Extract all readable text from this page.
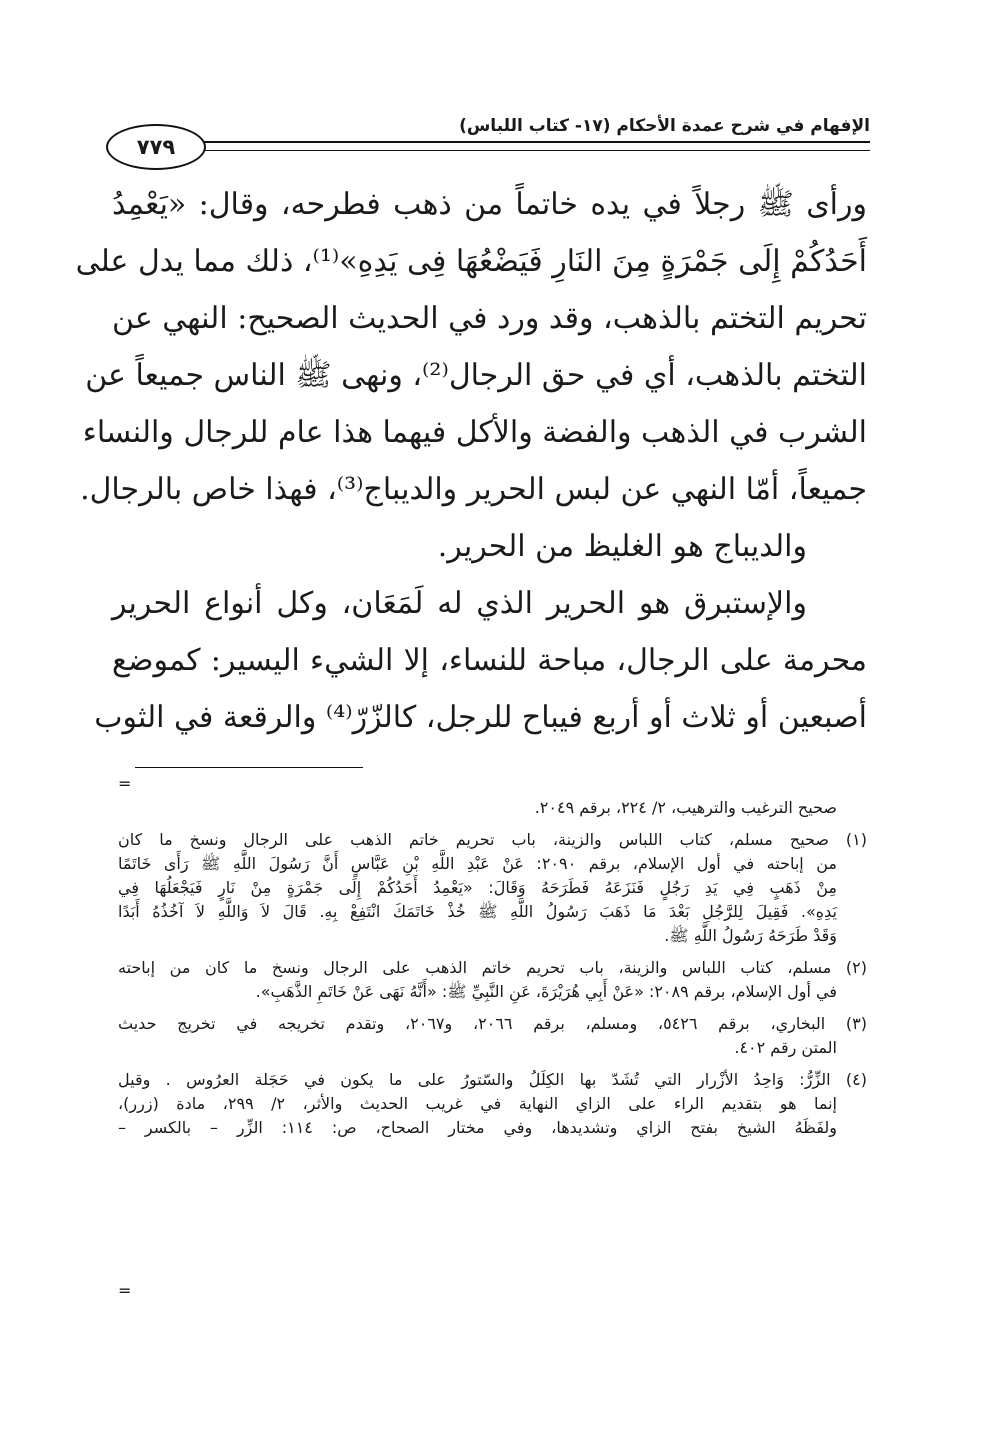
الإفهام في شرح عمدة الأحكام (١٧- كتاب اللباس)
٧٧٩
ورأى ﷺ رجلاً في يده خاتماً من ذهب فطرحه، وقال: «يَعْمِدُ
أَحَدُكُمْ إِلَى جَمْرَةٍ مِنَ النَارِ فَيَضْعُهَا فِى يَدِهِ»⁽¹⁾، ذلك مما يدل على
تحريم التختم بالذهب، وقد ورد في الحديث الصحيح: النهي عن
التختم بالذهب، أي في حق الرجال⁽²⁾، ونهى ﷺ الناس جميعاً عن
الشرب في الذهب والفضة والأكل فيهما هذا عام للرجال والنساء
جميعاً، أمّا النهي عن لبس الحرير والديباج⁽³⁾، فهذا خاص بالرجال.
والديباج هو الغليظ من الحرير.
والإستبرق هو الحرير الذي له لَمَعَان، وكل أنواع الحرير
محرمة على الرجال، مباحة للنساء، إلا الشيء اليسير: كموضع
أصبعين أو ثلاث أو أربع فيباح للرجل، كالزّرّ⁽⁴⁾ والرقعة في الثوب
=
صحيح الترغيب والترهيب، ٢/ ٢٢٤، برقم ٢٠٤٩.
(١) صحيح مسلم، كتاب اللباس والزينة، باب تحريم خاتم الذهب على الرجال ونسخ ما كان
من إباحته في أول الإسلام، برقم ٢٠٩٠: عَنْ عَبْدِ اللَّهِ بْنِ عَبَّاسٍ أَنَّ رَسُولَ اللَّهِ ﷺ رَأَى خَاتَمًا
مِنْ ذَهَبٍ فِي يَدِ رَجُلٍ فَنَزَعَهُ فَطَرَحَهُ وَقَالَ: «يَعْمِدُ أَحَدُكُمْ إِلَى جَمْرَةٍ مِنْ نَارٍ فَيَجْعَلُهَا فِي
يَدِهِ». فَقِيلَ لِلرَّجُلِ بَعْدَ مَا ذَهَبَ رَسُولُ اللَّهِ ﷺ خُذْ خَاتَمَكَ انْتَفِعْ بِهِ. قَالَ لاَ وَاللَّهِ لاَ آخُذُهُ أَبَدًا
وَقَدْ طَرَحَهُ رَسُولُ اللَّهِ ﷺ.
(٢) مسلم، كتاب اللباس والزينة، باب تحريم خاتم الذهب على الرجال ونسخ ما كان من إباحته
في أول الإسلام، برقم ٢٠٨٩: «عَنْ أَبِي هُرَيْرَةَ، عَنِ النَّبِيِّ ﷺ: «أَنَّهُ نَهَى عَنْ خَاتَمِ الذَّهَبِ».
(٣) البخاري، برقم ٥٤٢٦، ومسلم، برقم ٢٠٦٦، و٢٠٦٧، وتقدم تخريجه في تخريج حديث
المتن رقم ٤٠٢.
(٤) الزِّرُّ: وَاحِدُ الأزْرار التي تُشَدّ بها الكِلَلُ والسّتورُ على ما يكون في حَجَلة العرُوس . وقيل
إنما هو بتقديم الراء على الزاي النهاية في غريب الحديث والأثر، ٢/ ٢٩٩، مادة (زرر)،
ولفَظَهُ الشيخ بفتح الزاي وتشديدها، وفي مختار الصحاح، ص: ١١٤: الزِّر – بالكسر –
=
